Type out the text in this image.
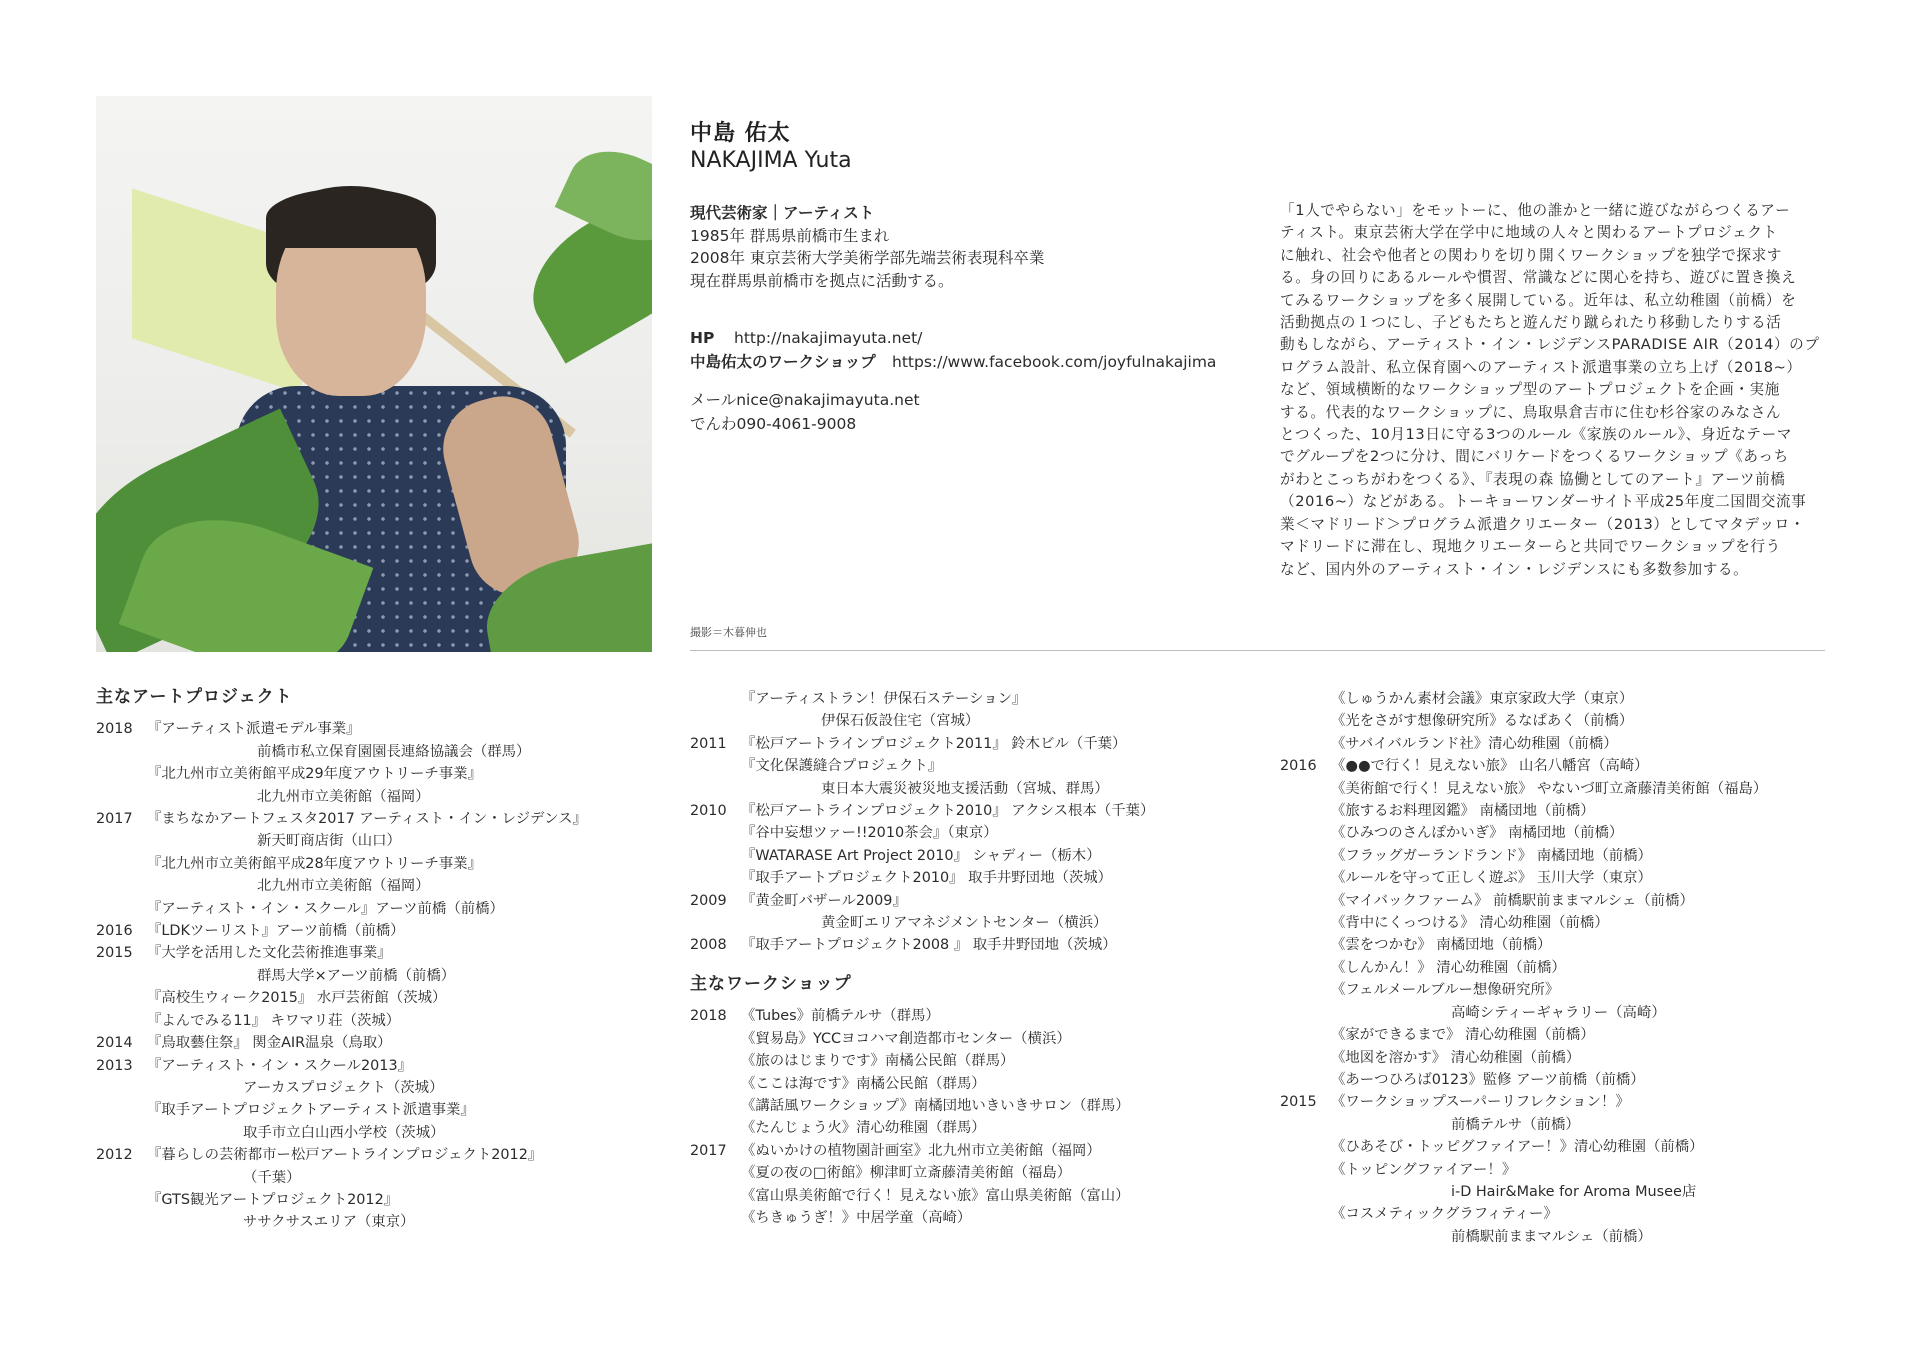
中島 佑太
NAKAJIMA Yuta

現代芸術家｜アーティスト

1985年 群馬県前橋市生まれ

2008年 東京芸術大学美術学部先端芸術表現科卒業

現在群馬県前橋市を拠点に活動する。

HP http://nakajimayuta.net/
中島佑太のワークショップ https://www.facebook.com/joyfulnakajima
メールnice@nakajimayuta.net
でんわ090-4061-9008
「1人でやらない」をモットーに、他の誰かと一緒に遊びながらつくるアー
ティスト。東京芸術大学在学中に地域の人々と関わるアートプロジェクト
に触れ、社会や他者との関わりを切り開くワークショップを独学で探求す
る。身の回りにあるルールや慣習、常識などに関心を持ち、遊びに置き換え
てみるワークショップを多く展開している。近年は、私立幼稚園（前橋）を
活動拠点の１つにし、子どもたちと遊んだり蹴られたり移動したりする活
動もしながら、アーティスト・イン・レジデンスPARADISE AIR（2014）のプ
ログラム設計、私立保育園へのアーティスト派遣事業の立ち上げ（2018~）
など、領域横断的なワークショップ型のアートプロジェクトを企画・実施
する。代表的なワークショップに、鳥取県倉吉市に住む杉谷家のみなさん
とつくった、10月13日に守る3つのルール《家族のルール》、身近なテーマ
でグループを2つに分け、間にバリケードをつくるワークショップ《あっち
がわとこっちがわをつくる》、『表現の森 協働としてのアート』アーツ前橋
（2016~）などがある。トーキョーワンダーサイト平成25年度二国間交流事
業＜マドリード＞プログラム派遣クリエーター（2013）としてマタデッロ・
マドリードに滞在し、現地クリエーターらと共同でワークショップを行う
など、国内外のアーティスト・イン・レジデンスにも多数参加する。
撮影＝木暮伸也
主なアートプロジェクト
2018 『アーティスト派遣モデル事業』
前橋市私立保育園園長連絡協議会（群馬）
『北九州市立美術館平成29年度アウトリーチ事業』
北九州市立美術館（福岡）
2017 『まちなかアートフェスタ2017 アーティスト・イン・レジデンス』
新天町商店街（山口）
『北九州市立美術館平成28年度アウトリーチ事業』
北九州市立美術館（福岡）
『アーティスト・イン・スクール』アーツ前橋（前橋）
2016 『LDKツーリスト』アーツ前橋（前橋）
2015 『大学を活用した文化芸術推進事業』
群馬大学×アーツ前橋（前橋）
『高校生ウィーク2015』 水戸芸術館（茨城）
『よんでみる11』 キワマリ荘（茨城）
2014 『鳥取藝住祭』 関金AIR温泉（鳥取）
2013 『アーティスト・イン・スクール2013』
アーカスプロジェクト（茨城）
『取手アートプロジェクトアーティスト派遣事業』
取手市立白山西小学校（茨城）
2012 『暮らしの芸術都市ー松戸アートラインプロジェクト2012』
（千葉）
『GTS観光アートプロジェクト2012』
ササクサスエリア（東京）
『アーティストラン！伊保石ステーション』
伊保石仮設住宅（宮城）
2011 『松戸アートラインプロジェクト2011』 鈴木ビル（千葉）
『文化保護縫合プロジェクト』
東日本大震災被災地支援活動（宮城、群馬）
2010 『松戸アートラインプロジェクト2010』 アクシス根本（千葉）
『谷中妄想ツァー!!2010茶会』（東京）
『WATARASE Art Project 2010』 シャディー（栃木）
『取手アートプロジェクト2010』 取手井野団地（茨城）
2009 『黄金町バザール2009』
黄金町エリアマネジメントセンター（横浜）
2008 『取手アートプロジェクト2008 』 取手井野団地（茨城）
主なワークショップ
2018 《Tubes》前橋テルサ（群馬）
《貿易島》YCCヨコハマ創造都市センター（横浜）
《旅のはじまりです》南橘公民館（群馬）
《ここは海です》南橘公民館（群馬）
《講話風ワークショップ》南橘団地いきいきサロン（群馬）
《たんじょう火》清心幼稚園（群馬）
2017 《ぬいかけの植物園計画室》北九州市立美術館（福岡）
《夏の夜の□術館》柳津町立斎藤清美術館（福島）
《富山県美術館で行く！見えない旅》富山県美術館（富山）
《ちきゅうぎ！》中居学童（高崎）
《しゅうかん素材会議》東京家政大学（東京）
《光をさがす想像研究所》るなぱあく（前橋）
《サバイバルランド社》清心幼稚園（前橋）
2016 《●●で行く！見えない旅》 山名八幡宮（高崎）
《美術館で行く！見えない旅》 やないづ町立斎藤清美術館（福島）
《旅するお料理図鑑》 南橘団地（前橋）
《ひみつのさんぽかいぎ》 南橘団地（前橋）
《フラッグガーランドランド》 南橘団地（前橋）
《ルールを守って正しく遊ぶ》 玉川大学（東京）
《マイバックファーム》 前橋駅前ままマルシェ（前橋）
《背中にくっつける》 清心幼稚園（前橋）
《雲をつかむ》 南橘団地（前橋）
《しんかん！》 清心幼稚園（前橋）
《フェルメールブルー想像研究所》
高崎シティーギャラリー（高崎）
《家ができるまで》 清心幼稚園（前橋）
《地図を溶かす》 清心幼稚園（前橋）
《あーつひろば0123》監修 アーツ前橋（前橋）
2015 《ワークショップスーパーリフレクション！》
前橋テルサ（前橋）
《ひあそび・トッピグファイアー！》清心幼稚園（前橋）
《トッピングファイアー！》
i-D Hair&Make for Aroma Musee店
《コスメティックグラフィティー》
前橋駅前ままマルシェ（前橋）
